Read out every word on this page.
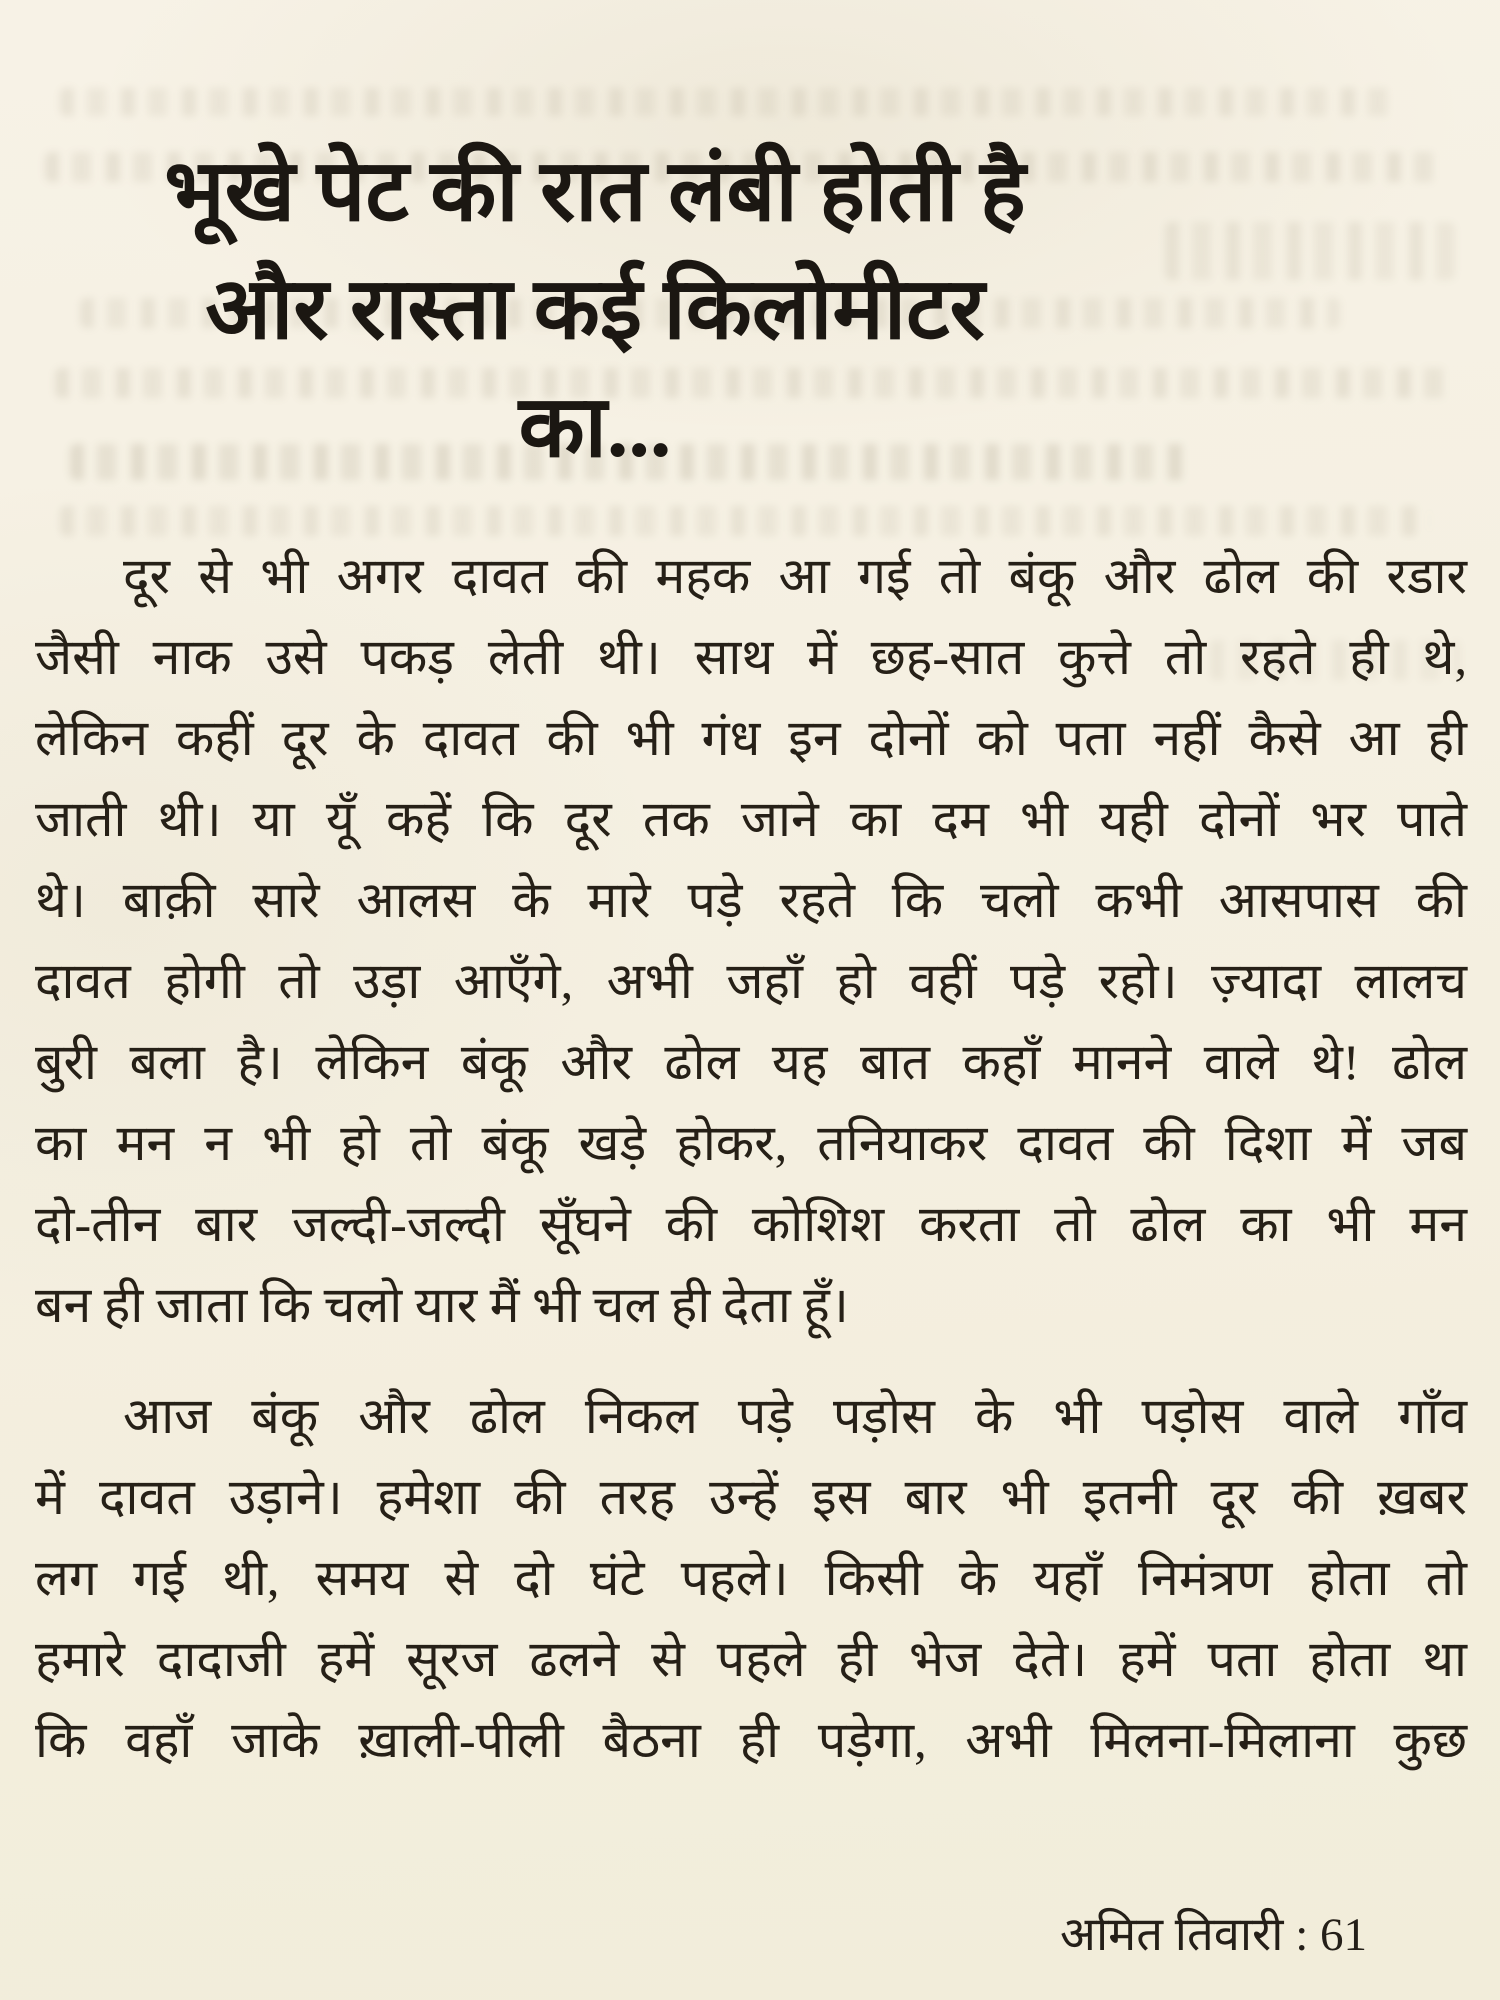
भूखे पेट की रात लंबी होती है
और रास्ता कई किलोमीटर
का...
दूर से भी अगर दावत की महक आ गई तो बंकू और ढोल की रडार
जैसी नाक उसे पकड़ लेती थी। साथ में छह-सात कुत्ते तो रहते ही थे,
लेकिन कहीं दूर के दावत की भी गंध इन दोनों को पता नहीं कैसे आ ही
जाती थी। या यूँ कहें कि दूर तक जाने का दम भी यही दोनों भर पाते
थे। बाक़ी सारे आलस के मारे पड़े रहते कि चलो कभी आसपास की
दावत होगी तो उड़ा आएँगे, अभी जहाँ हो वहीं पड़े रहो। ज़्यादा लालच
बुरी बला है। लेकिन बंकू और ढोल यह बात कहाँ मानने वाले थे! ढोल
का मन न भी हो तो बंकू खड़े होकर, तनियाकर दावत की दिशा में जब
दो-तीन बार जल्दी-जल्दी सूँघने की कोशिश करता तो ढोल का भी मन
बन ही जाता कि चलो यार मैं भी चल ही देता हूँ।
आज बंकू और ढोल निकल पड़े पड़ोस के भी पड़ोस वाले गाँव
में दावत उड़ाने। हमेशा की तरह उन्हें इस बार भी इतनी दूर की ख़बर
लग गई थी, समय से दो घंटे पहले। किसी के यहाँ निमंत्रण होता तो
हमारे दादाजी हमें सूरज ढलने से पहले ही भेज देते। हमें पता होता था
कि वहाँ जाके ख़ाली-पीली बैठना ही पड़ेगा, अभी मिलना-मिलाना कुछ
अमित तिवारी : 61
